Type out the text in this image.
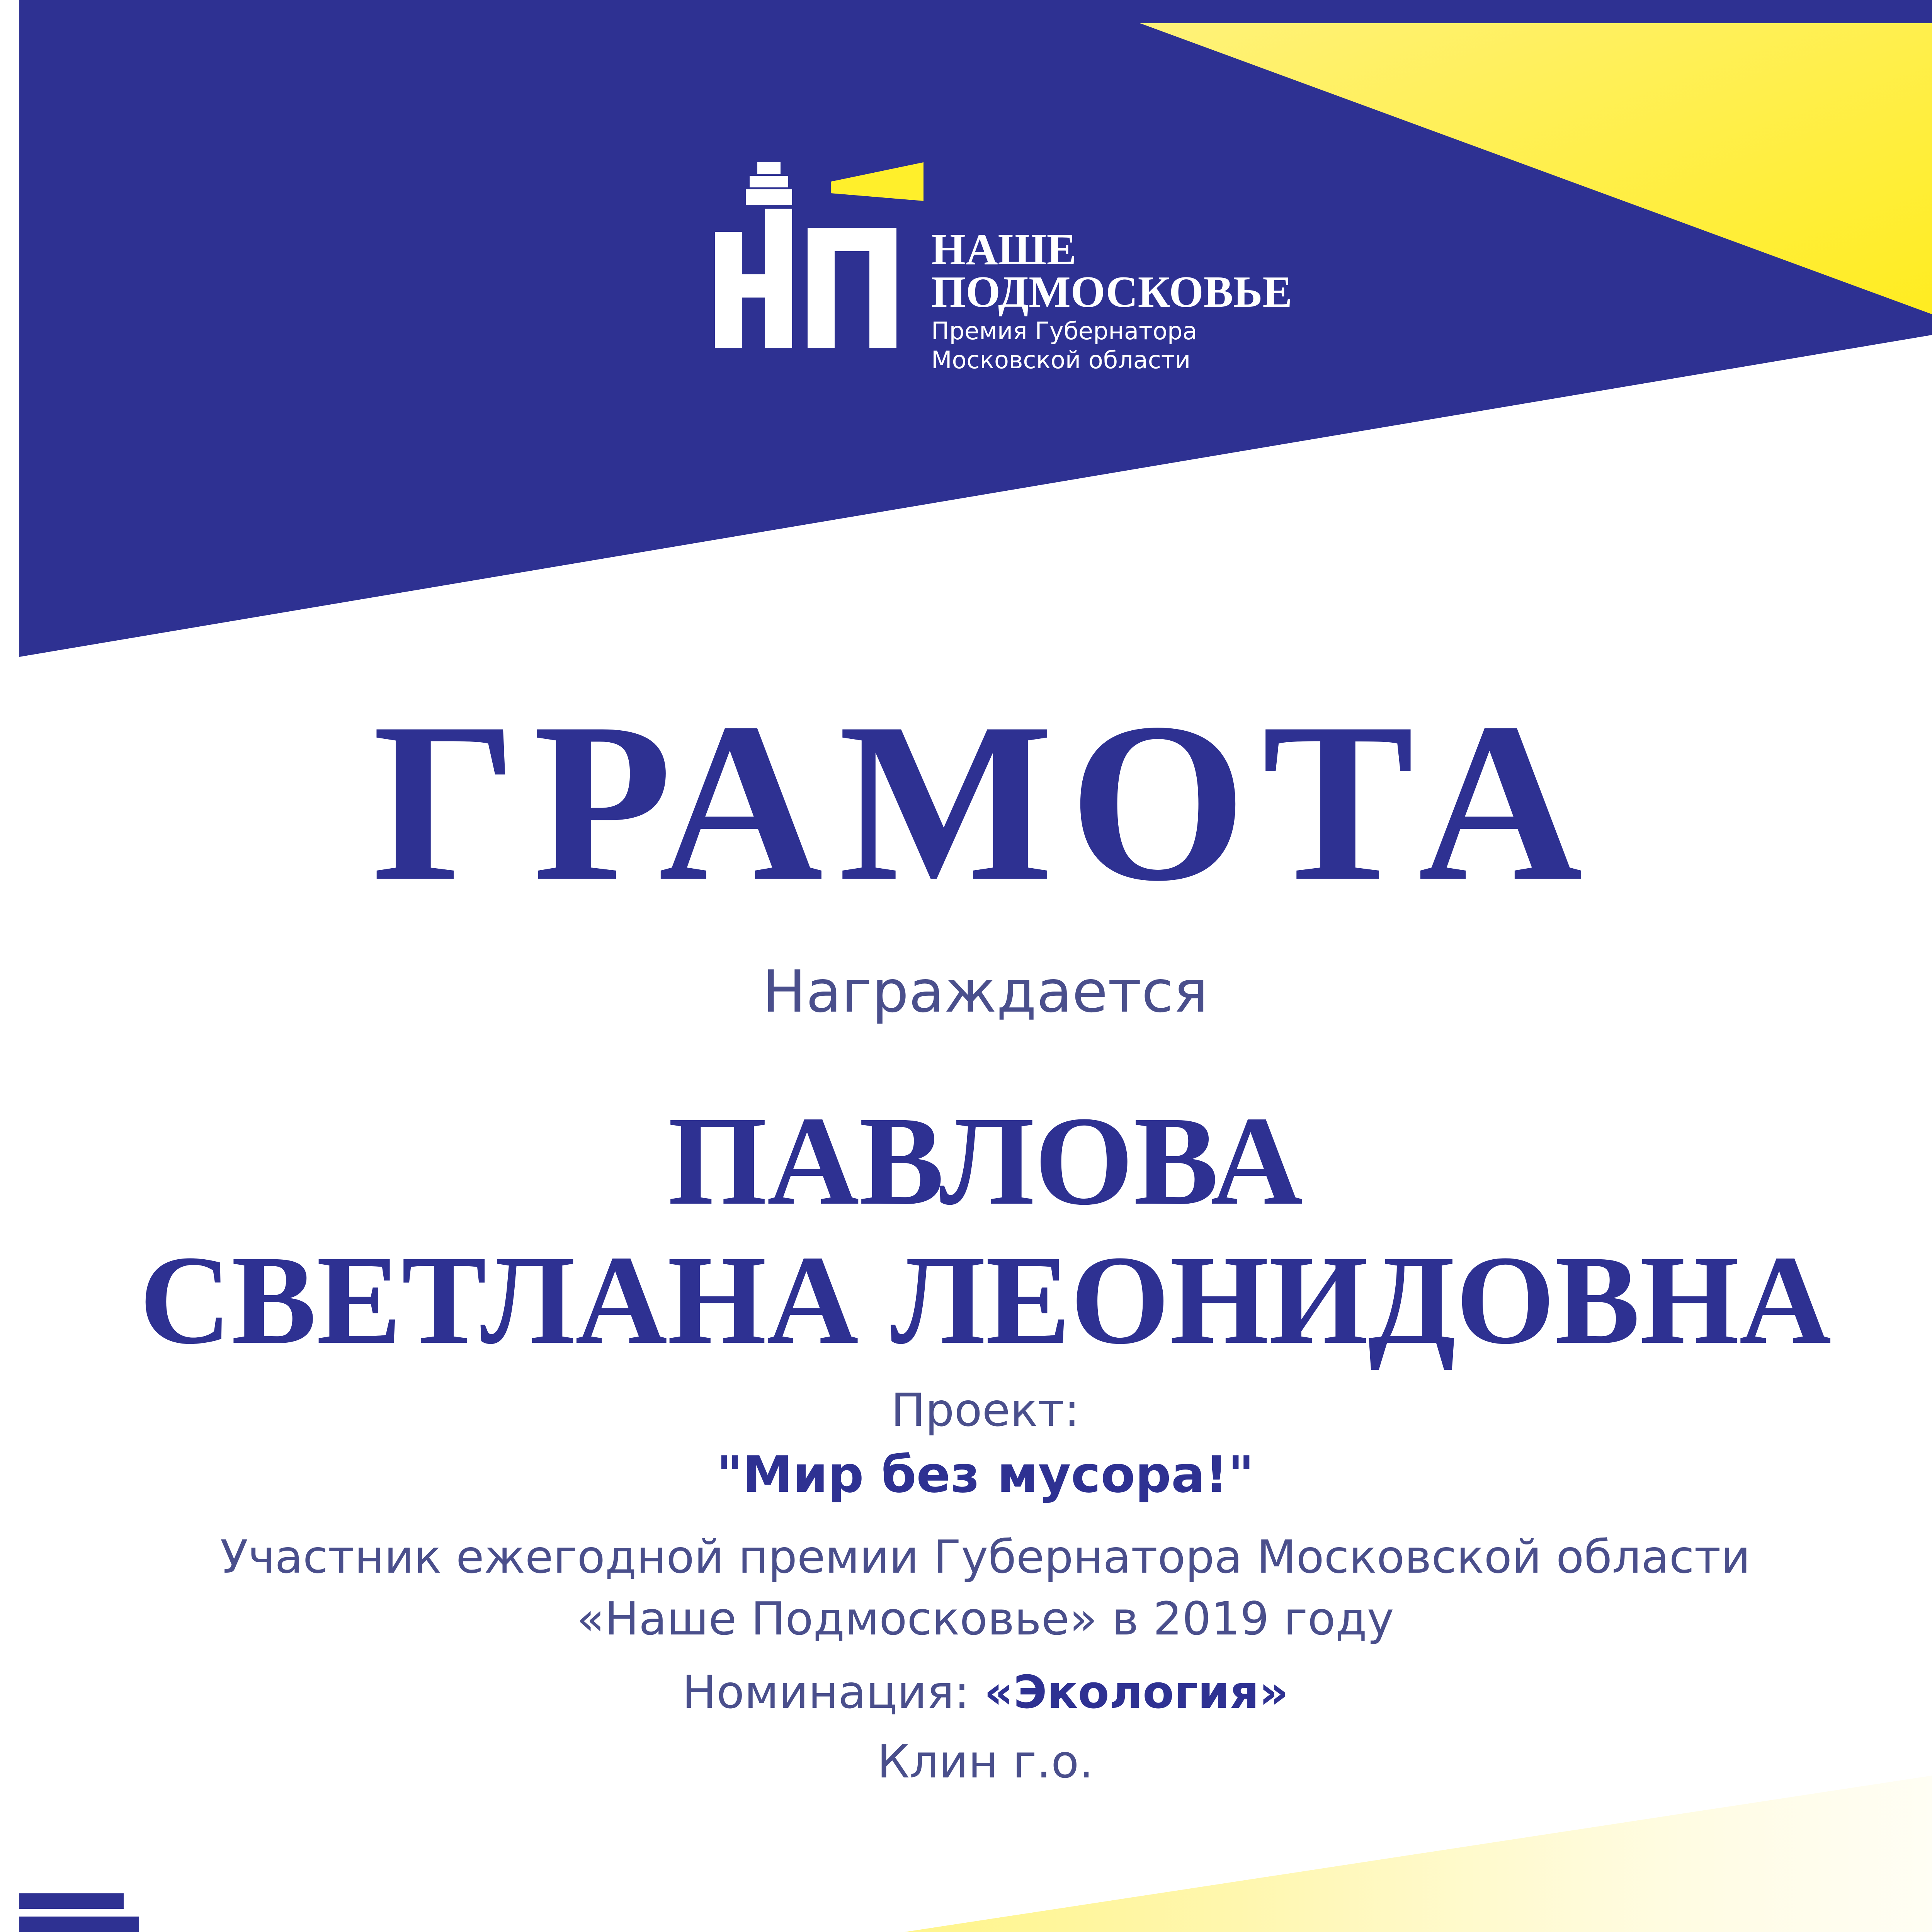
НАШЕ

ПОДМОСКОВЬЕ

Премия Губернатора

Московской области

ГРАМОТА

Награждается

ПАВЛОВА

СВЕТЛАНА ЛЕОНИДОВНА

Проект:

"Мир без мусора!"

Участник ежегодной премии Губернатора Московской области

«Наше Подмосковье» в 2019 году

Номинация: «Экология»

Клин г.о.
